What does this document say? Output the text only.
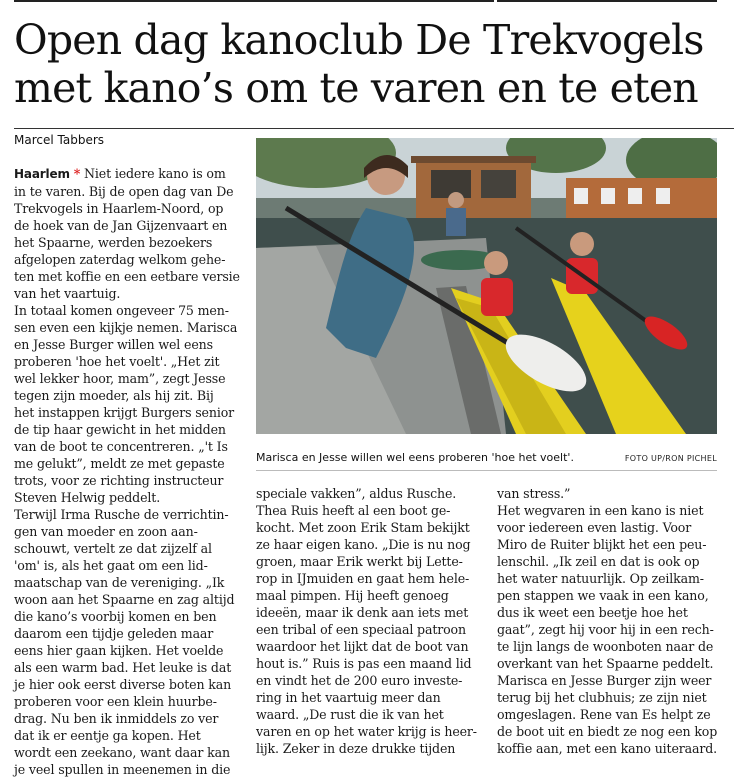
Open dag kanoclub De Trekvogels
met kano’s om te varen en te eten
Marcel Tabbers

Haarlem * Niet iedere kano is om
in te varen. Bij de open dag van De
Trekvogels in Haarlem-Noord, op
de hoek van de Jan Gijzenvaart en
het Spaarne, werden bezoekers
afgelopen zaterdag welkom gehe-
ten met koffie en een eetbare versie
van het vaartuig.

In totaal komen ongeveer 75 men-
sen even een kijkje nemen. Marisca
en Jesse Burger willen wel eens
proberen 'hoe het voelt'. „Het zit
wel lekker hoor, mam”, zegt Jesse
tegen zijn moeder, als hij zit. Bij
het instappen krijgt Burgers senior
de tip haar gewicht in het midden
van de boot te concentreren. „'t Is
me gelukt”, meldt ze met gepaste
trots, voor ze richting instructeur
Steven Helwig peddelt.

Terwijl Irma Rusche de verrichtin-
gen van moeder en zoon aan-
schouwt, vertelt ze dat zijzelf al
'om' is, als het gaat om een lid-
maatschap van de vereniging. „Ik
woon aan het Spaarne en zag altijd
die kano’s voorbij komen en ben
daarom een tijdje geleden maar
eens hier gaan kijken. Het voelde
als een warm bad. Het leuke is dat
je hier ook eerst diverse boten kan
proberen voor een klein huurbe-
drag. Nu ben ik inmiddels zo ver
dat ik er eentje ga kopen. Het
wordt een zeekano, want daar kan
je veel spullen in meenemen in die

Marisca en Jesse willen wel eens proberen 'hoe het voelt'.	FOTO UP/RON PICHEL

speciale vakken”, aldus Rusche.
Thea Ruis heeft al een boot ge-
kocht. Met zoon Erik Stam bekijkt
ze haar eigen kano. „Die is nu nog
groen, maar Erik werkt bij Lette-
rop in IJmuiden en gaat hem hele-
maal pimpen. Hij heeft genoeg
ideeën, maar ik denk aan iets met
een tribal of een speciaal patroon
waardoor het lijkt dat de boot van
hout is.” Ruis is pas een maand lid
en vindt het de 200 euro investe-
ring in het vaartuig meer dan
waard. „De rust die ik van het
varen en op het water krijg is heer-
lijk. Zeker in deze drukke tijden

van stress.”

Het wegvaren in een kano is niet
voor iedereen even lastig. Voor
Miro de Ruiter blijkt het een peu-
lenschil. „Ik zeil en dat is ook op
het water natuurlijk. Op zeilkam-
pen stappen we vaak in een kano,
dus ik weet een beetje hoe het
gaat”, zegt hij voor hij in een rech-
te lijn langs de woonboten naar de
overkant van het Spaarne peddelt.

Marisca en Jesse Burger zijn weer
terug bij het clubhuis; ze zijn niet
omgeslagen. Rene van Es helpt ze
de boot uit en biedt ze nog een kop
koffie aan, met een kano uiteraard.
